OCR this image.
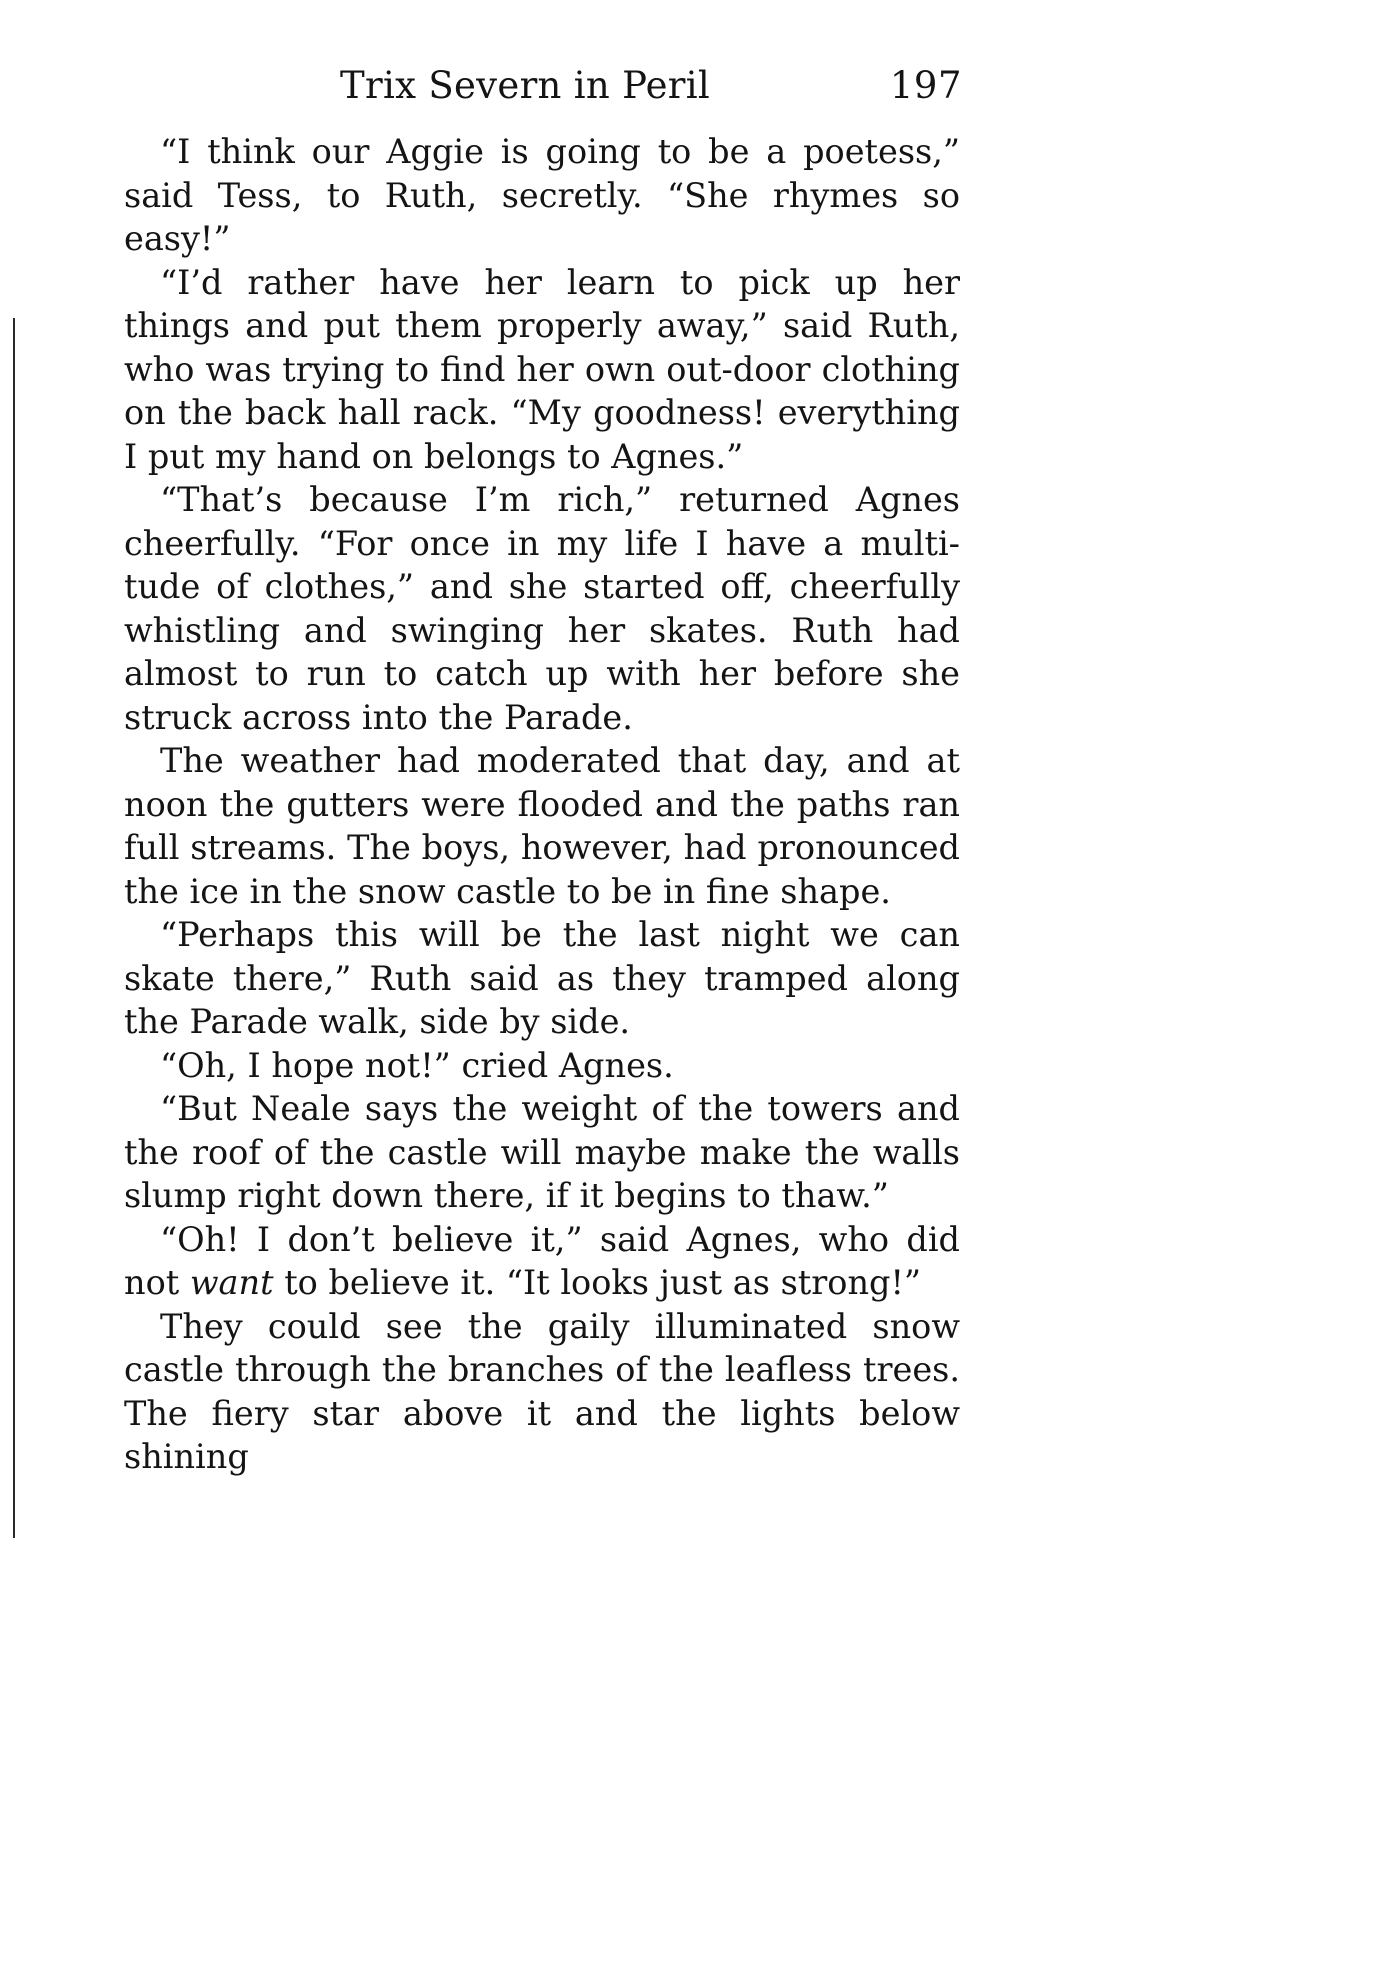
Trix Severn in Peril	197

“I think our Aggie is going to be a poetess,” said Tess, to Ruth, secretly. “She rhymes so easy!”

“I’d rather have her learn to pick up her things and put them properly away,” said Ruth, who was trying to find her own out-door clothing on the back hall rack. “My goodness! everything I put my hand on belongs to Agnes.”

“That’s because I’m rich,” returned Agnes cheerfully. “For once in my life I have a multi-tude of clothes,” and she started off, cheerfully whistling and swinging her skates. Ruth had almost to run to catch up with her before she struck across into the Parade.

The weather had moderated that day, and at noon the gutters were flooded and the paths ran full streams. The boys, however, had pronounced the ice in the snow castle to be in fine shape.

“Perhaps this will be the last night we can skate there,” Ruth said as they tramped along the Parade walk, side by side.

“Oh, I hope not!” cried Agnes.

“But Neale says the weight of the towers and the roof of the castle will maybe make the walls slump right down there, if it begins to thaw.”

“Oh! I don’t believe it,” said Agnes, who did not want to believe it. “It looks just as strong!”

They could see the gaily illuminated snow castle through the branches of the leafless trees. The fiery star above it and the lights below shining
